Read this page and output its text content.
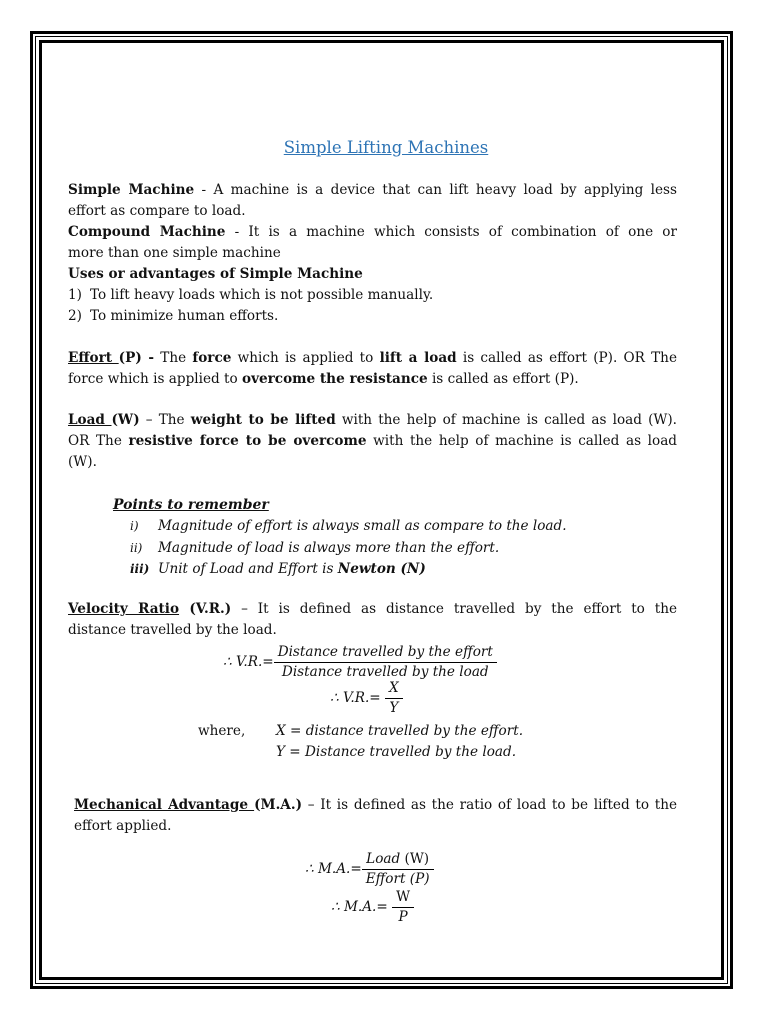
Simple Lifting Machines
Simple Machine - A machine is a device that can lift heavy load by applying less
effort as compare to load.
Compound Machine - It is a machine which consists of combination of one or
more than one simple machine
Uses or advantages of Simple Machine
1) To lift heavy loads which is not possible manually.
2) To minimize human efforts.
Effort (P) - The force which is applied to lift a load is called as effort (P). OR The
force which is applied to overcome the resistance is called as effort (P).
Load (W) – The weight to be lifted with the help of machine is called as load (W).
OR The resistive force to be overcome with the help of machine is called as load
(W).
Points to remember
i) Magnitude of effort is always small as compare to the load.
ii) Magnitude of load is always more than the effort.
iii) Unit of Load and Effort is Newton (N)
Velocity Ratio (V.R.) – It is defined as distance travelled by the effort to the
distance travelled by the load.
∴ $V.R.= \frac{\text{Distance travelled by the effort}}{\text{Distance travelled by the load}}$
∴ $V.R.= \frac{X}{Y}$
where, X = distance travelled by the effort.
Y = Distance travelled by the load.
Mechanical Advantage (M.A.) – It is defined as the ratio of load to be lifted to the
effort applied.
∴ $M.A.= \frac{\text{Load (W)}}{\text{Effort (P)}}$
∴ $M.A.= \frac{W}{P}$
